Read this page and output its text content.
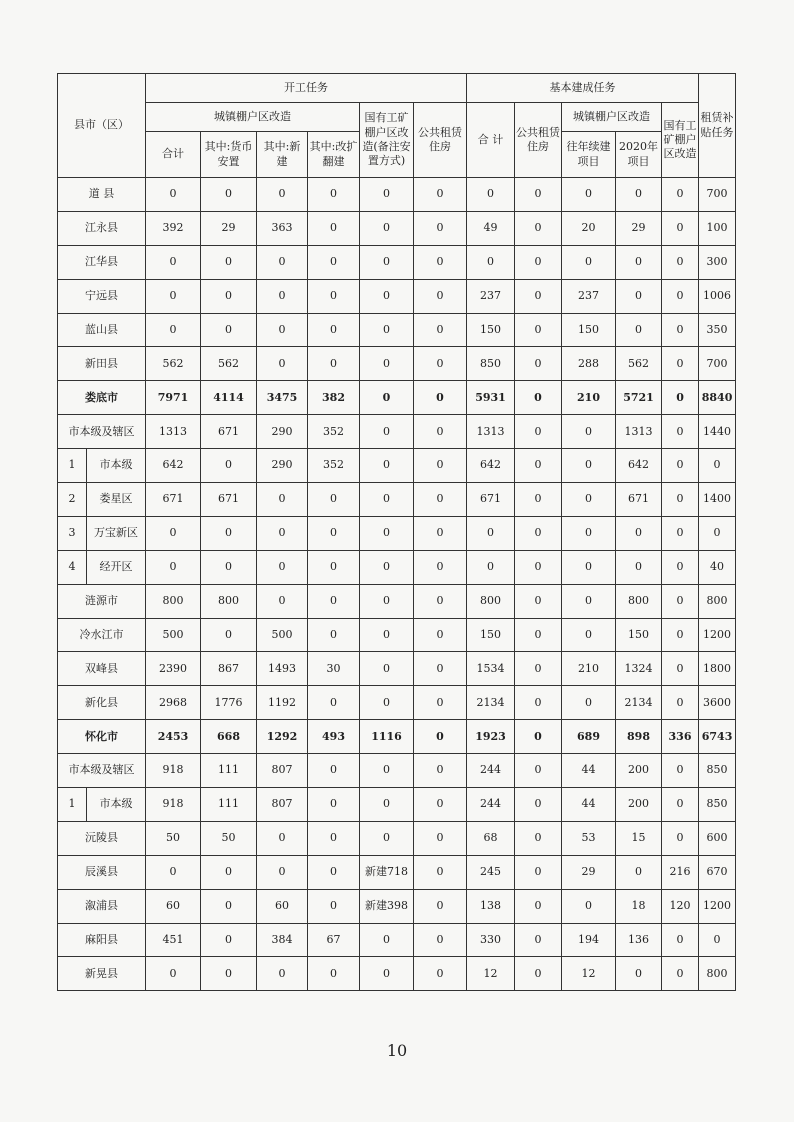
县市（区）		开工任务						基本建成任务					租赁补贴任务
		城镇棚户区改造				国有工矿棚户区改造(备注安置方式)	公共租赁住房	合 计	公共租赁住房	城镇棚户区改造		国有工矿棚户区改造	
		合计	其中:货币安置	其中:新 建	其中:改扩翻建					往年续建项目	2020年项目		
道 县		0	0	0	0	0	0	0	0	0	0	0	700
江永县		392	29	363	0	0	0	49	0	20	29	0	100
江华县		0	0	0	0	0	0	0	0	0	0	0	300
宁远县		0	0	0	0	0	0	237	0	237	0	0	1006
蓝山县		0	0	0	0	0	0	150	0	150	0	0	350
新田县		562	562	0	0	0	0	850	0	288	562	0	700
娄底市		7971	4114	3475	382	0	0	5931	0	210	5721	0	8840
市本级及辖区		1313	671	290	352	0	0	1313	0	0	1313	0	1440
1	市本级	642	0	290	352	0	0	642	0	0	642	0	0
2	娄星区	671	671	0	0	0	0	671	0	0	671	0	1400
3	万宝新区	0	0	0	0	0	0	0	0	0	0	0	0
4	经开区	0	0	0	0	0	0	0	0	0	0	0	40
涟源市		800	800	0	0	0	0	800	0	0	800	0	800
冷水江市		500	0	500	0	0	0	150	0	0	150	0	1200
双峰县		2390	867	1493	30	0	0	1534	0	210	1324	0	1800
新化县		2968	1776	1192	0	0	0	2134	0	0	2134	0	3600
怀化市		2453	668	1292	493	1116	0	1923	0	689	898	336	6743
市本级及辖区		918	111	807	0	0	0	244	0	44	200	0	850
1	市本级	918	111	807	0	0	0	244	0	44	200	0	850
沅陵县		50	50	0	0	0	0	68	0	53	15	0	600
辰溪县		0	0	0	0	新建718	0	245	0	29	0	216	670
溆浦县		60	0	60	0	新建398	0	138	0	0	18	120	1200
麻阳县		451	0	384	67	0	0	330	0	194	136	0	0
新晃县		0	0	0	0	0	0	12	0	12	0	0	800
10
